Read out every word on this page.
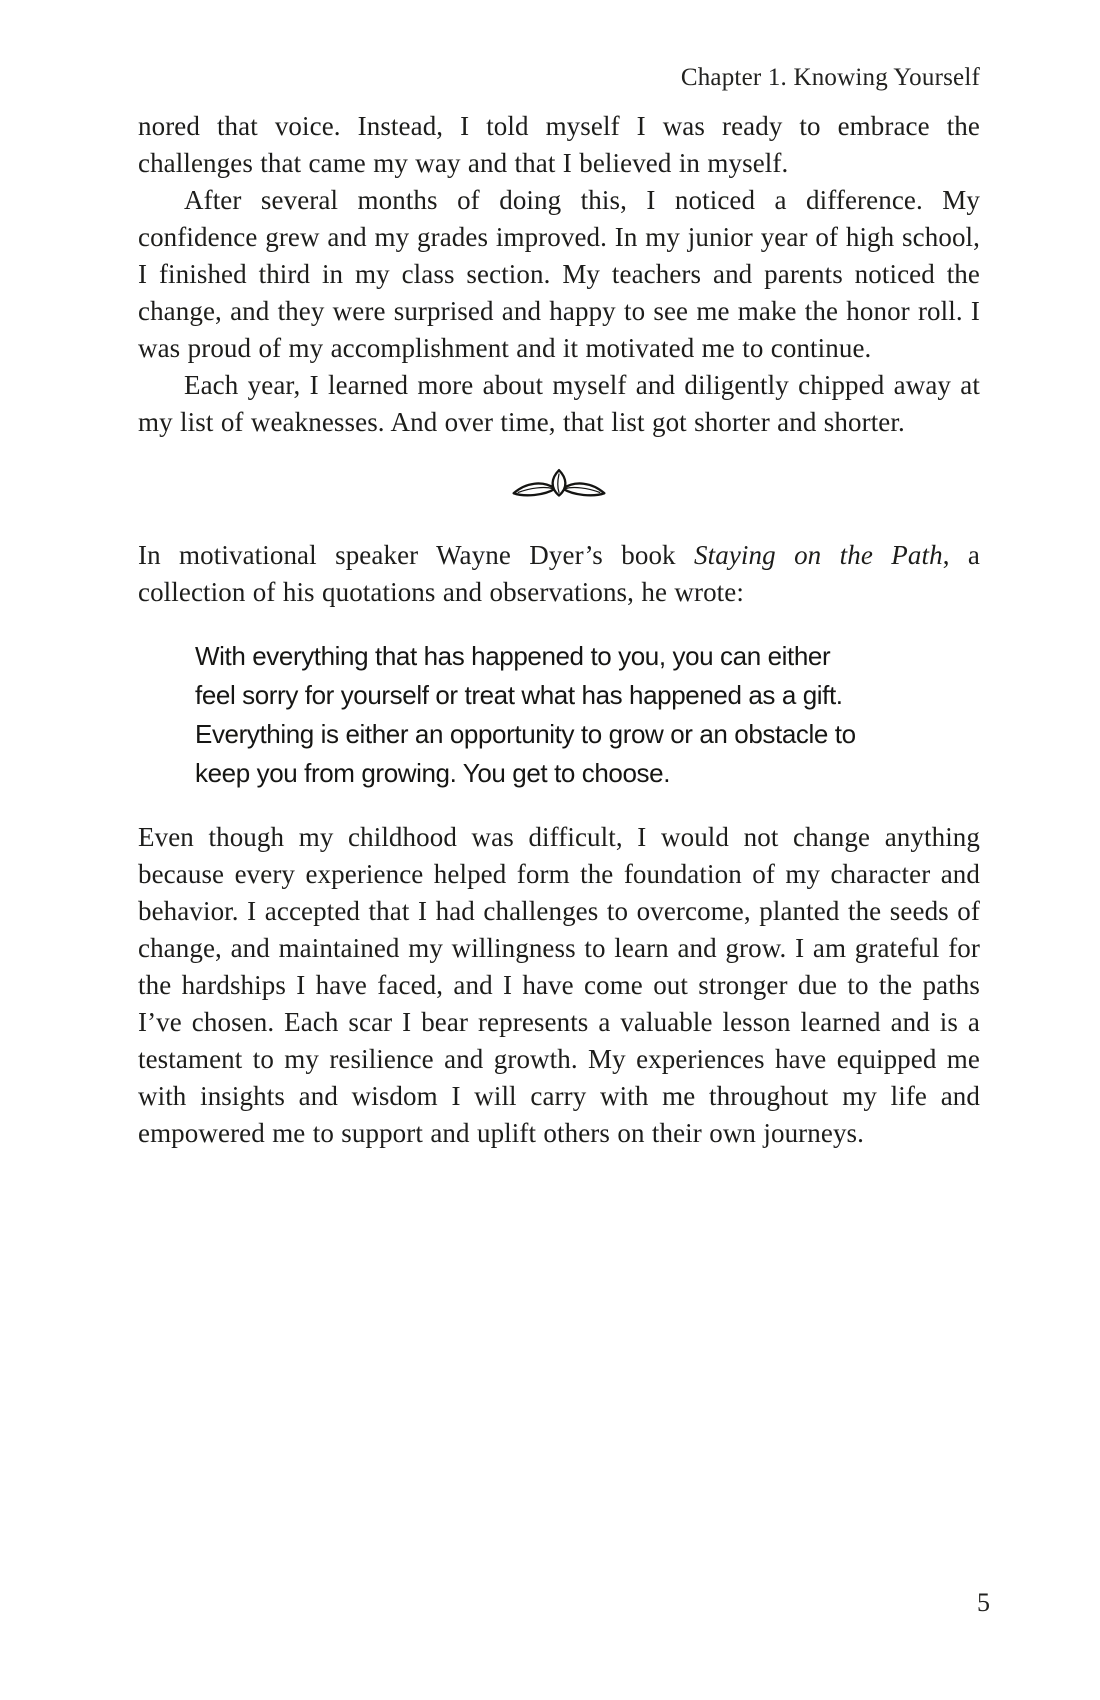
Chapter 1. Knowing Yourself

nored that voice. Instead, I told myself I was ready to embrace the challenges that came my way and that I believed in myself.

After several months of doing this, I noticed a difference. My confidence grew and my grades improved. In my junior year of high school, I finished third in my class section. My teachers and parents noticed the change, and they were surprised and happy to see me make the honor roll. I was proud of my accomplishment and it motivated me to continue.

Each year, I learned more about myself and diligently chipped away at my list of weaknesses. And over time, that list got shorter and shorter.

In motivational speaker Wayne Dyer’s book Staying on the Path, a collection of his quotations and observations, he wrote:

With everything that has happened to you, you can either
feel sorry for yourself or treat what has happened as a gift.
Everything is either an opportunity to grow or an obstacle to
keep you from growing. You get to choose.

Even though my childhood was difficult, I would not change anything because every experience helped form the foundation of my character and behavior. I accepted that I had challenges to overcome, planted the seeds of change, and maintained my willingness to learn and grow. I am grateful for the hardships I have faced, and I have come out stronger due to the paths I’ve chosen. Each scar I bear represents a valuable lesson learned and is a testament to my resilience and growth. My experiences have equipped me with insights and wisdom I will carry with me throughout my life and empowered me to support and uplift others on their own journeys.

5
